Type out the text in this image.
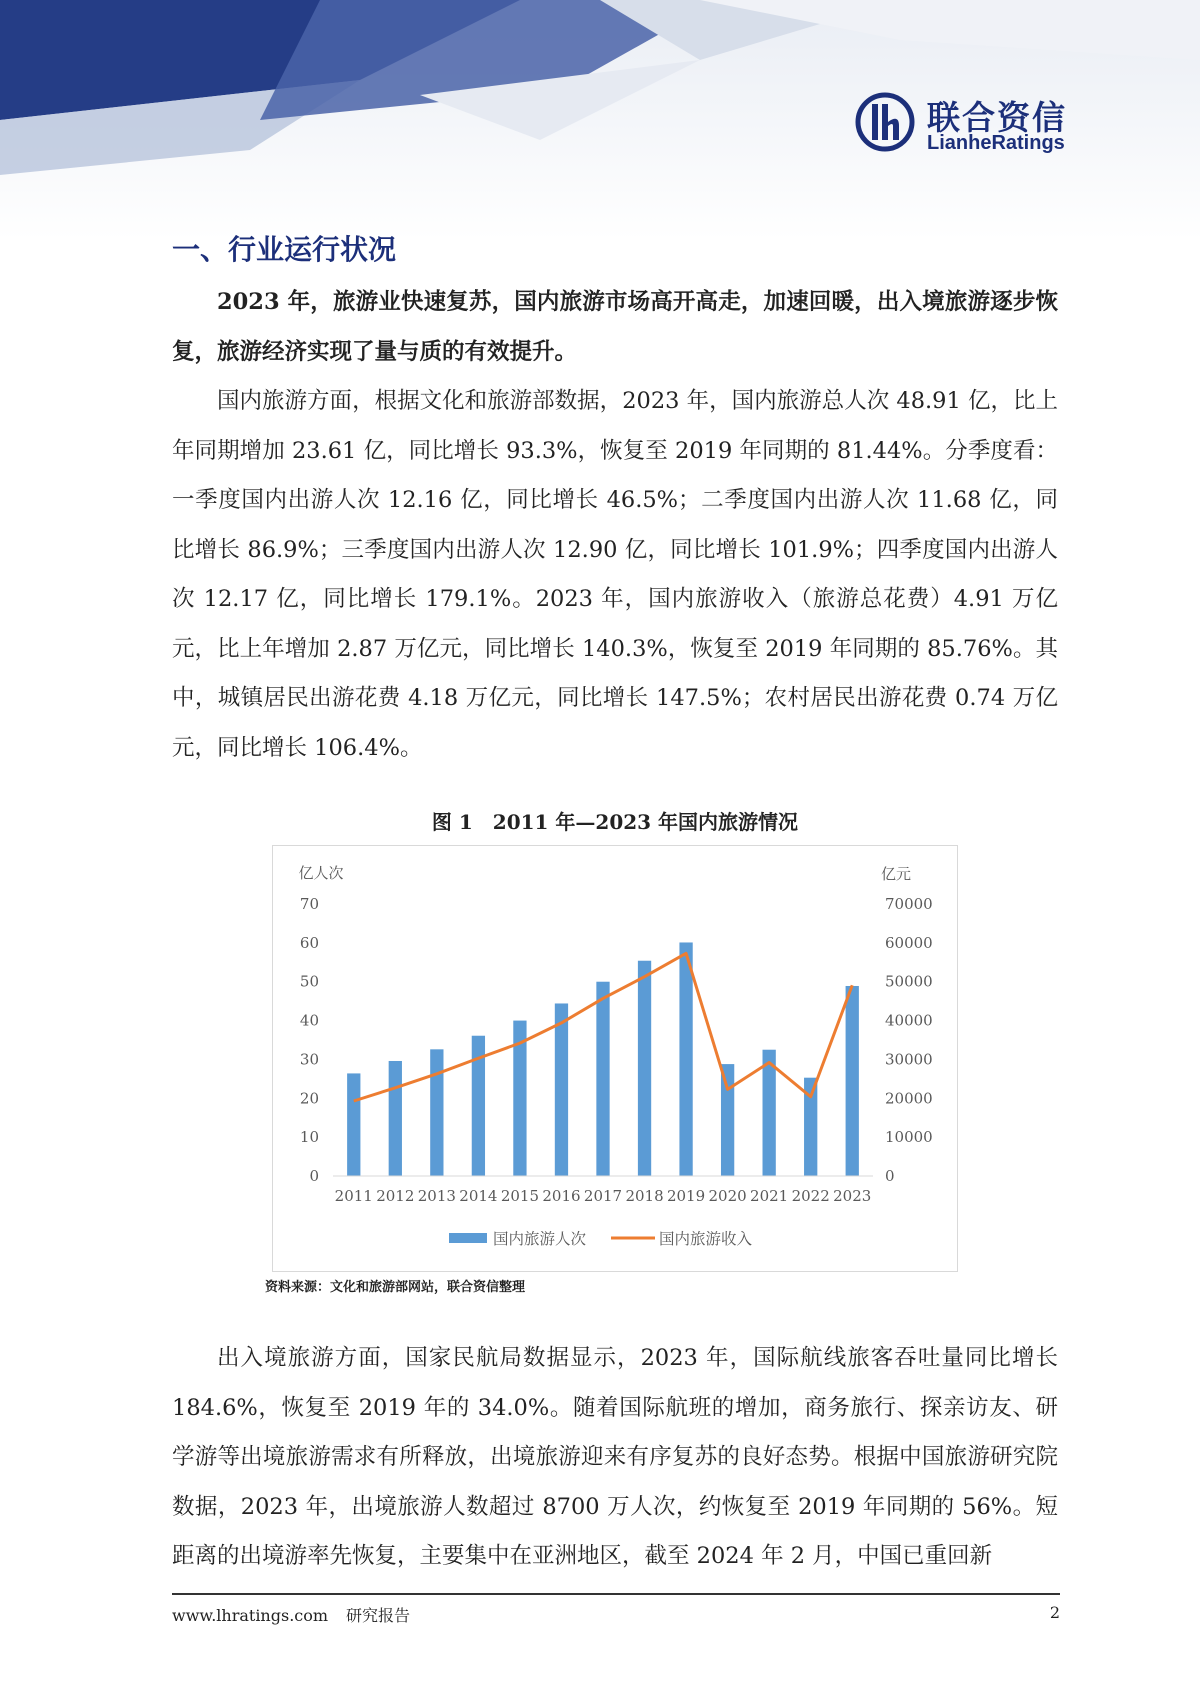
联合资信
LianheRatings
一、行业运行状况

2023 年，旅游业快速复苏，国内旅游市场高开高走，加速回暖，出入境旅游逐步恢复，旅游经济实现了量与质的有效提升。

国内旅游方面，根据文化和旅游部数据，2023 年，国内旅游总人次 48.91 亿，比上年同期增加 23.61 亿，同比增长 93.3%，恢复至 2019 年同期的 81.44%。分季度看：一季度国内出游人次 12.16 亿，同比增长 46.5%；二季度国内出游人次 11.68 亿，同比增长 86.9%；三季度国内出游人次 12.90 亿，同比增长 101.9%；四季度国内出游人次 12.17 亿，同比增长 179.1%。2023 年，国内旅游收入（旅游总花费）4.91 万亿元，比上年增加 2.87 万亿元，同比增长 140.3%，恢复至 2019 年同期的 85.76%。其中，城镇居民出游花费 4.18 万亿元，同比增长 147.5%；农村居民出游花费 0.74 万亿元，同比增长 106.4%。

图 1　2011 年—2023 年国内旅游情况
亿人次	亿元
0
10
20
30
40
50
60
70
0
10000
20000
30000
40000
50000
60000
70000
2011 2012 2013 2014 2015 2016 2017 2018 2019 2020 2021 2022 2023
国内旅游人次	国内旅游收入
资料来源：文化和旅游部网站，联合资信整理

出入境旅游方面，国家民航局数据显示，2023 年，国际航线旅客吞吐量同比增长 184.6%，恢复至 2019 年的 34.0%。随着国际航班的增加，商务旅行、探亲访友、研学游等出境旅游需求有所释放，出境旅游迎来有序复苏的良好态势。根据中国旅游研究院数据，2023 年，出境旅游人数超过 8700 万人次，约恢复至 2019 年同期的 56%。短距离的出境游率先恢复，主要集中在亚洲地区，截至 2024 年 2 月，中国已重回新

www.lhratings.com 研究报告	2
